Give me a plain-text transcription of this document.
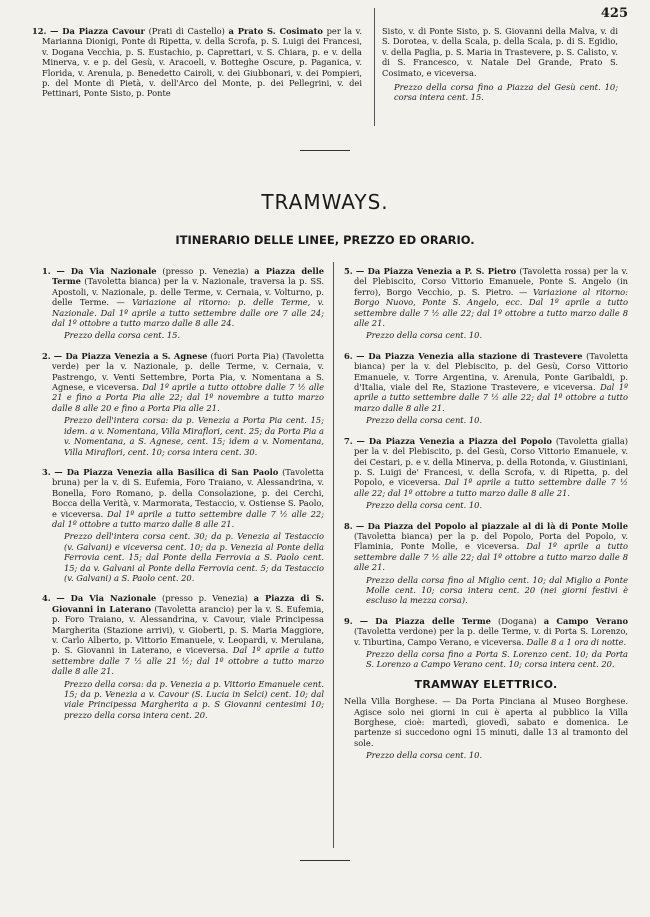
425
12. — Da Piazza Cavour (Prati di Castello) a Prato S. Cosimato per la v. Marianna Dionigi, Ponte di Ripetta, v. della Scrofa, p. S. Luigi dei Francesi, v. Dogana Vecchia, p. S. Eustachio, p. Caprettari, v. S. Chiara, p. e v. della Minerva, v. e p. del Gesù, v. Aracoeli, v. Botteghe Oscure, p. Paganica, v. Florida, v. Arenula, p. Benedetto Cairoli, v. dei Giubbonari, v. dei Pompieri, p. del Monte di Pietà, v. dell'Arco del Monte, p. dei Pellegrini, v. dei Pettinari, Ponte Sisto, p. Ponte
Sisto, v. di Ponte Sisto, p. S. Giovanni della Malva, v. di S. Dorotea, v. della Scala, p. della Scala, p. di S. Egidio, v. della Paglia, p. S. Maria in Trastevere, p. S. Calisto, v. di S. Francesco, v. Natale Del Grande, Prato S. Cosimato, e viceversa.
Prezzo della corsa fino a Piazza del Gesù cent. 10; corsa intera cent. 15.
TRAMWAYS.
ITINERARIO DELLE LINEE, PREZZO ED ORARIO.
1. — Da Via Nazionale (presso p. Venezia) a Piazza delle Terme (Tavoletta bianca) per la v. Nazionale, traversa la p. SS. Apostoli, v. Nazionale, p. delle Terme, v. Cernaia, v. Volturno, p. delle Terme. — Variazione al ritorno: p. delle Terme, v. Nazionale. Dal 1º aprile a tutto settembre dalle ore 7 alle 24; dal 1º ottobre a tutto marzo dalle 8 alle 24.
Prezzo della corsa cent. 15.
2. — Da Piazza Venezia a S. Agnese (fuori Porta Pia) (Tavoletta verde) per la v. Nazionale, p. delle Terme, v. Cernaia, v. Pastrengo, v. Venti Settembre, Porta Pia, v. Nomentana a S. Agnese, e viceversa. Dal 1º aprile a tutto ottobre dalle 7 ½ alle 21 e fino a Porta Pia alle 22; dal 1º novembre a tutto marzo dalle 8 alle 20 e fino a Porta Pia alle 21.
Prezzo dell'intera corsa: da p. Venezia a Porta Pia cent. 15; idem. a v. Nomentana, Villa Miraflori, cent. 25; da Porta Pia a v. Nomentana, a S. Agnese, cent. 15; idem a v. Nomentana, Villa Miraflori, cent. 10; corsa intera cent. 30.
3. — Da Piazza Venezia alla Basilica di San Paolo (Tavoletta bruna) per la v. di S. Eufemia, Foro Traiano, v. Alessandrina, v. Bonella, Foro Romano, p. della Consolazione, p. dei Cerchi, Bocca della Verità, v. Marmorata, Testaccio, v. Ostiense S. Paolo, e viceversa. Dal 1º aprile a tutto settembre dalle 7 ½ alle 22; dal 1º ottobre a tutto marzo dalle 8 alle 21.
Prezzo dell'intera corsa cent. 30; da p. Venezia al Testaccio (v. Galvani) e viceversa cent. 10; da p. Venezia al Ponte della Ferrovia cent. 15; dal Ponte della Ferrovia a S. Paolo cent. 15; da v. Galvani al Ponte della Ferrovia cent. 5; da Testaccio (v. Galvani) a S. Paolo cent. 20.
4. — Da Via Nazionale (presso p. Venezia) a Piazza di S. Giovanni in Laterano (Tavoletta arancio) per la v. S. Eufemia, p. Foro Traiano, v. Alessandrina, v. Cavour, viale Principessa Margherita (Stazione arrivi), v. Gioberti, p. S. Maria Maggiore, v. Carlo Alberto, p. Vittorio Emanuele, v. Leopardi, v. Merulana, p. S. Giovanni in Laterano, e viceversa. Dal 1º aprile a tutto settembre dalle 7 ½ alle 21 ½; dal 1º ottobre a tutto marzo dalle 8 alle 21.
Prezzo della corsa: da p. Venezia a p. Vittorio Emanuele cent. 15; da p. Venezia a v. Cavour (S. Lucia in Selci) cent. 10; dal viale Principessa Margherita a p. S Giovanni centesimi 10; prezzo della corsa intera cent. 20.
5. — Da Piazza Venezia a P. S. Pietro (Tavoletta rossa) per la v. del Plebiscito, Corso Vittorio Emanuele, Ponte S. Angelo (in ferro), Borgo Vecchio, p. S. Pietro. — Variazione al ritorno: Borgo Nuovo, Ponte S. Angelo, ecc. Dal 1º aprile a tutto settembre dalle 7 ½ alle 22; dal 1º ottobre a tutto marzo dalle 8 alle 21.
Prezzo della corsa cent. 10.
6. — Da Piazza Venezia alla stazione di Trastevere (Tavoletta bianca) per la v. del Plebiscito, p. del Gesù, Corso Vittorio Emanuele, v. Torre Argentina, v. Arenula, Ponte Garibaldi, p. d'Italia, viale del Re, Stazione Trastevere, e viceversa. Dal 1º aprile a tutto settembre dalle 7 ½ alle 22; dal 1º ottobre a tutto marzo dalle 8 alle 21.
Prezzo della corsa cent. 10.
7. — Da Piazza Venezia a Piazza del Popolo (Tavoletta gialla) per la v. del Plebiscito, p. del Gesù, Corso Vittorio Emanuele, v. dei Cestari, p. e v. della Minerva, p. della Rotonda, v. Giustiniani, p. S. Luigi de' Francesi, v. della Scrofa, v. di Ripetta, p. del Popolo, e viceversa. Dal 1º aprile a tutto settembre dalle 7 ½ alle 22; dal 1º ottobre a tutto marzo dalle 8 alle 21.
Prezzo della corsa cent. 10.
8. — Da Piazza del Popolo al piazzale al di là di Ponte Molle (Tavoletta bianca) per la p. del Popolo, Porta del Popolo, v. Flaminia, Ponte Molle, e viceversa. Dal 1º aprile a tutto settembre dalle 7 ½ alle 22; dal 1º ottobre a tutto marzo dalle 8 alle 21.
Prezzo della corsa fino al Miglio cent. 10; dal Miglio a Ponte Molle cent. 10; corsa intera cent. 20 (nei giorni festivi è escluso la mezza corsa).
9. — Da Piazza delle Terme (Dogana) a Campo Verano (Tavoletta verdone) per la p. delle Terme, v. di Porta S. Lorenzo, v. Tiburtina, Campo Verano, e viceversa. Dalle 8 a 1 ora di notte.
Prezzo della corsa fino a Porta S. Lorenzo cent. 10; da Porta S. Lorenzo a Campo Verano cent. 10; corsa intera cent. 20.
TRAMWAY ELETTRICO.
Nella Villa Borghese. — Da Porta Pinciana al Museo Borghese. Agisce solo nei giorni in cui è aperta al pubblico la Villa Borghese, cioè: martedì, giovedì, sabato e domenica. Le partenze si succedono ogni 15 minuti, dalle 13 al tramonto del sole.
Prezzo della corsa cent. 10.
